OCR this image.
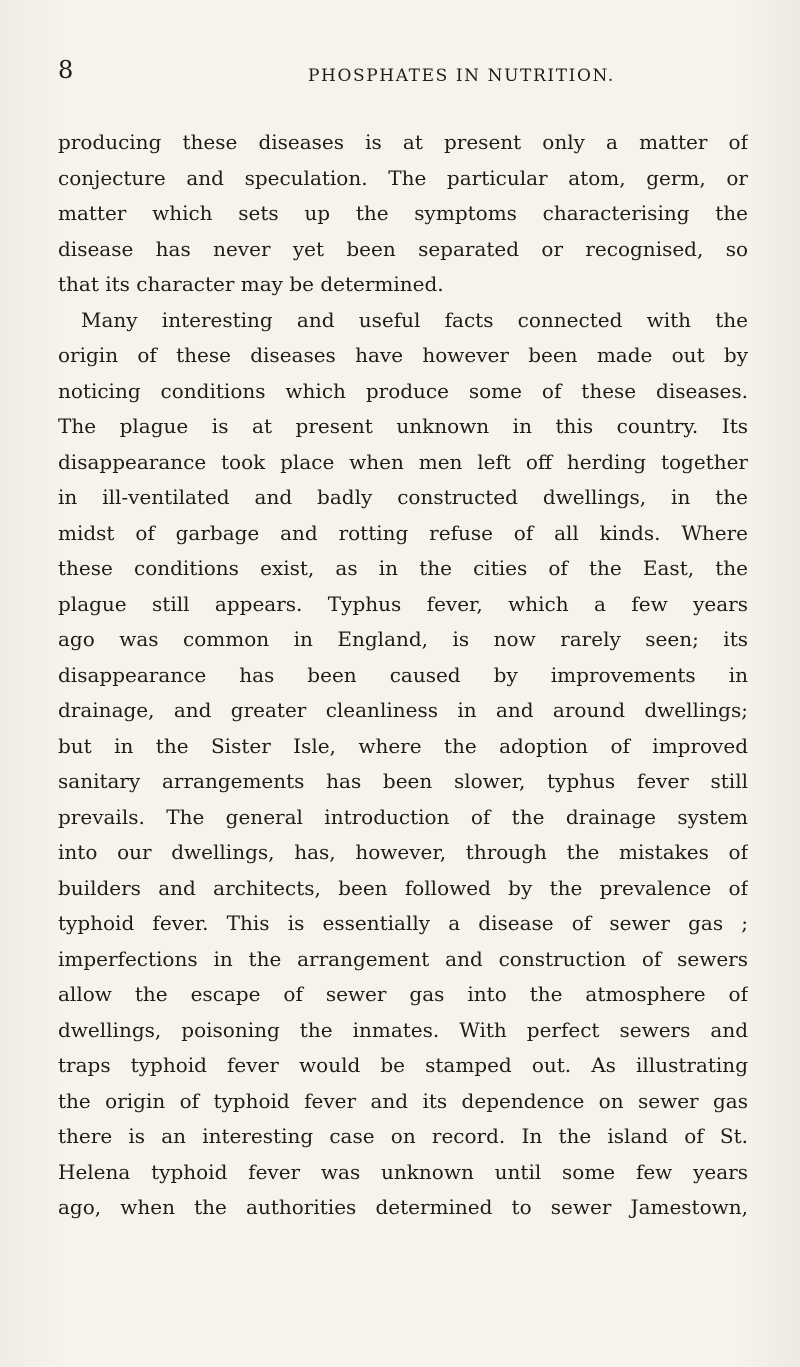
8	PHOSPHATES IN NUTRITION.
producing these diseases is at present only a matter of
conjecture and speculation. The particular atom, germ, or
matter which sets up the symptoms characterising the
disease has never yet been separated or recognised, so
that its character may be determined.
Many interesting and useful facts connected with the
origin of these diseases have however been made out by
noticing conditions which produce some of these diseases.
The plague is at present unknown in this country. Its
disappearance took place when men left off herding together
in ill-ventilated and badly constructed dwellings, in the
midst of garbage and rotting refuse of all kinds. Where
these conditions exist, as in the cities of the East, the
plague still appears. Typhus fever, which a few years
ago was common in England, is now rarely seen; its
disappearance has been caused by improvements in
drainage, and greater cleanliness in and around dwellings;
but in the Sister Isle, where the adoption of improved
sanitary arrangements has been slower, typhus fever still
prevails. The general introduction of the drainage system
into our dwellings, has, however, through the mistakes of
builders and architects, been followed by the prevalence of
typhoid fever. This is essentially a disease of sewer gas ;
imperfections in the arrangement and construction of sewers
allow the escape of sewer gas into the atmosphere of
dwellings, poisoning the inmates. With perfect sewers and
traps typhoid fever would be stamped out. As illustrating
the origin of typhoid fever and its dependence on sewer gas
there is an interesting case on record. In the island of St.
Helena typhoid fever was unknown until some few years
ago, when the authorities determined to sewer Jamestown,
